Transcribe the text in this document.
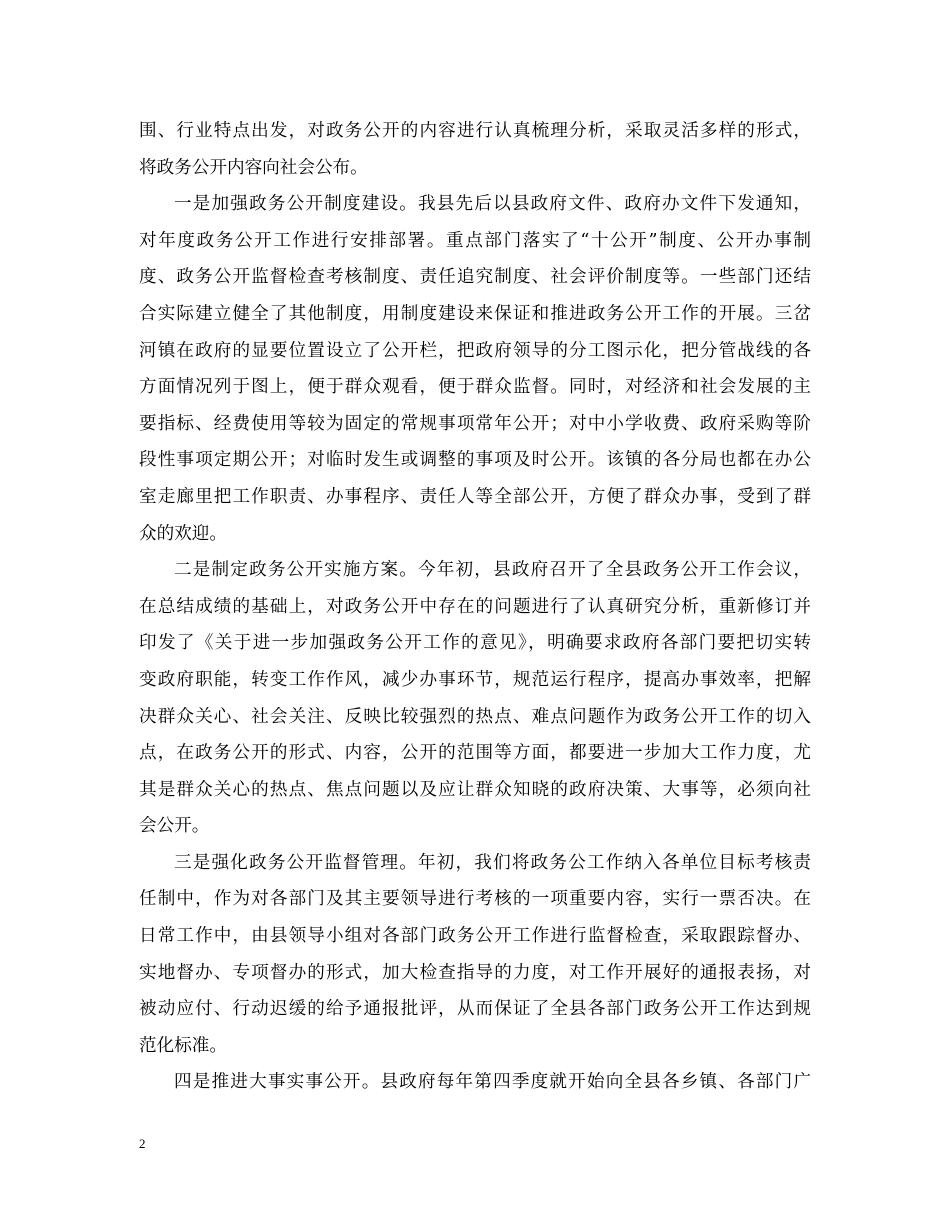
围、行业特点出发，对政务公开的内容进行认真梳理分析，采取灵活多样的形式，
将政务公开内容向社会公布。
一是加强政务公开制度建设。我县先后以县政府文件、政府办文件下发通知，
对年度政务公开工作进行安排部署。重点部门落实了“十公开”制度、公开办事制
度、政务公开监督检查考核制度、责任追究制度、社会评价制度等。一些部门还结
合实际建立健全了其他制度，用制度建设来保证和推进政务公开工作的开展。三岔
河镇在政府的显要位置设立了公开栏，把政府领导的分工图示化，把分管战线的各
方面情况列于图上，便于群众观看，便于群众监督。同时，对经济和社会发展的主
要指标、经费使用等较为固定的常规事项常年公开；对中小学收费、政府采购等阶
段性事项定期公开；对临时发生或调整的事项及时公开。该镇的各分局也都在办公
室走廊里把工作职责、办事程序、责任人等全部公开，方便了群众办事，受到了群
众的欢迎。
二是制定政务公开实施方案。今年初，县政府召开了全县政务公开工作会议，
在总结成绩的基础上，对政务公开中存在的问题进行了认真研究分析，重新修订并
印发了《关于进一步加强政务公开工作的意见》，明确要求政府各部门要把切实转
变政府职能，转变工作作风，减少办事环节，规范运行程序，提高办事效率，把解
决群众关心、社会关注、反映比较强烈的热点、难点问题作为政务公开工作的切入
点，在政务公开的形式、内容，公开的范围等方面，都要进一步加大工作力度，尤
其是群众关心的热点、焦点问题以及应让群众知晓的政府决策、大事等，必须向社
会公开。
三是强化政务公开监督管理。年初，我们将政务公工作纳入各单位目标考核责
任制中，作为对各部门及其主要领导进行考核的一项重要内容，实行一票否决。在
日常工作中，由县领导小组对各部门政务公开工作进行监督检查，采取跟踪督办、
实地督办、专项督办的形式，加大检查指导的力度，对工作开展好的通报表扬，对
被动应付、行动迟缓的给予通报批评，从而保证了全县各部门政务公开工作达到规
范化标准。
四是推进大事实事公开。县政府每年第四季度就开始向全县各乡镇、各部门广
2
